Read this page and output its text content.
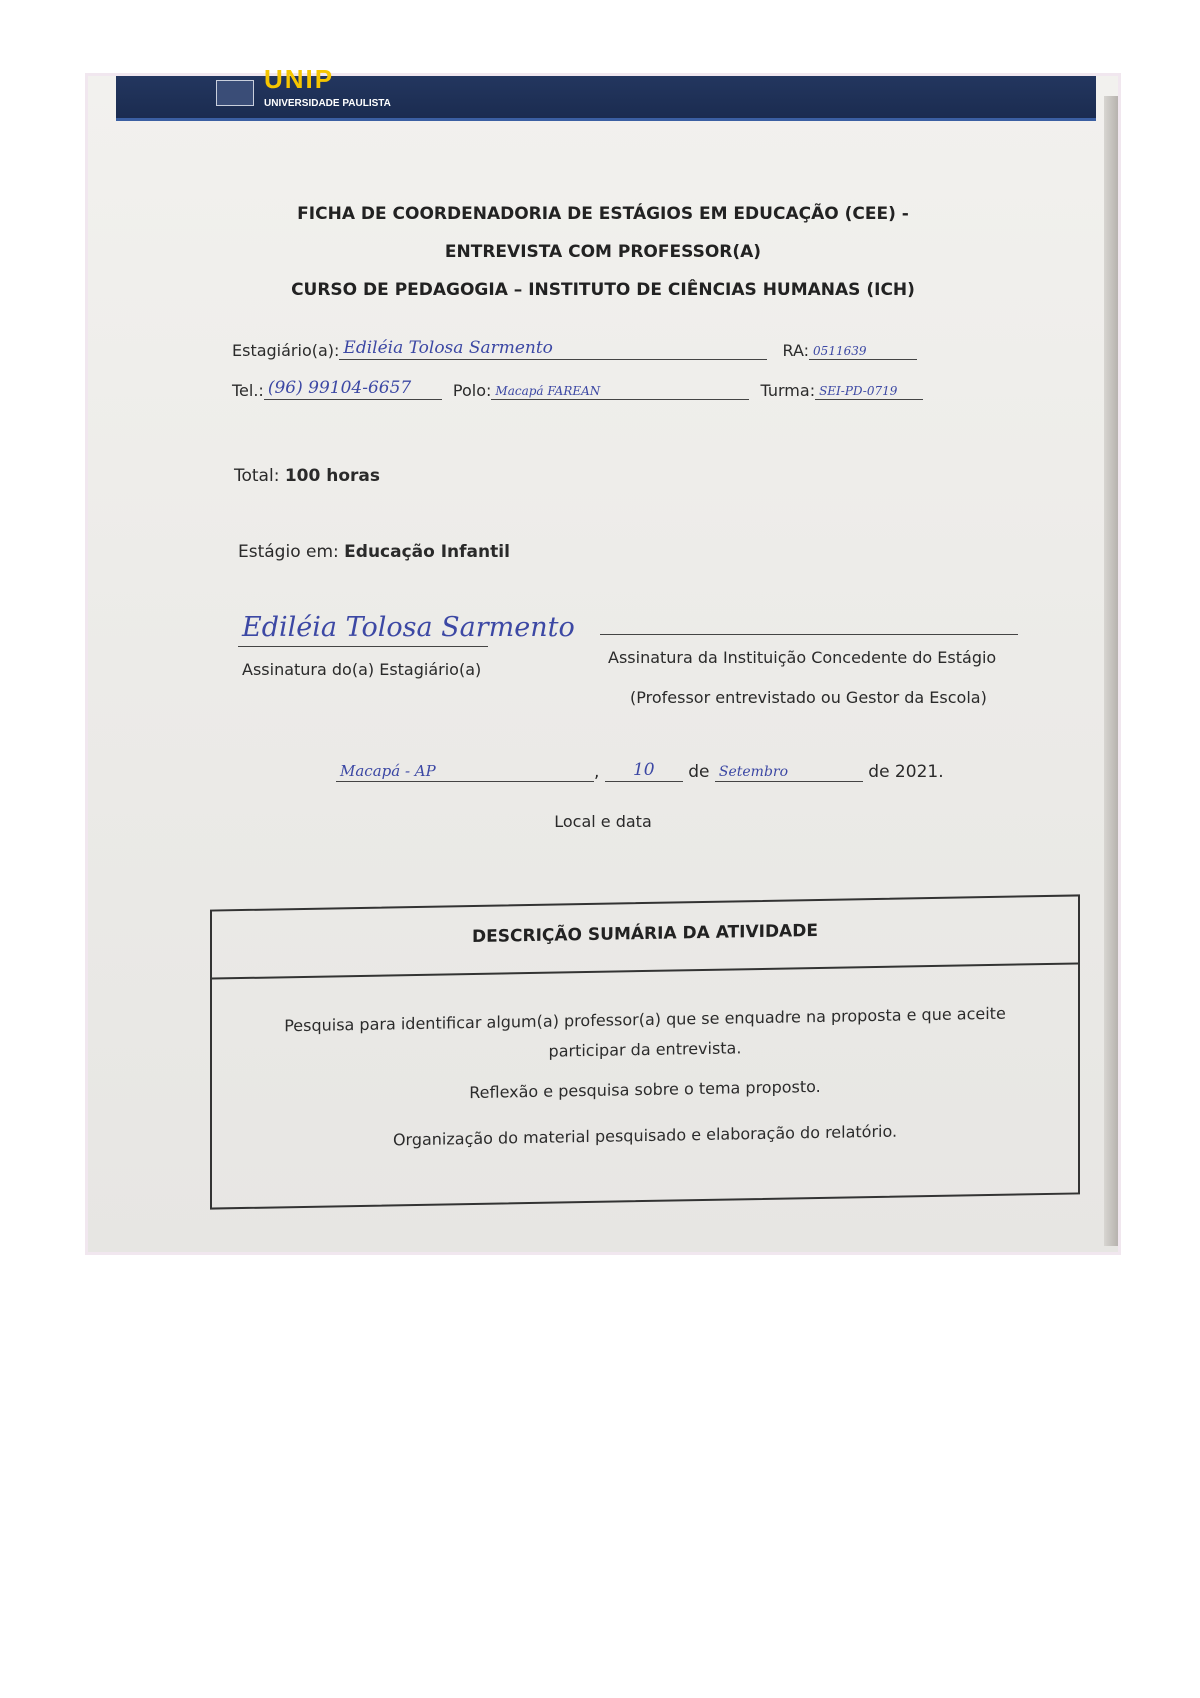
UNIP
UNIVERSIDADE PAULISTA
FICHA DE COORDENADORIA DE ESTÁGIOS EM EDUCAÇÃO (CEE) -
ENTREVISTA COM PROFESSOR(A)
CURSO DE PEDAGOGIA – INSTITUTO DE CIÊNCIAS HUMANAS (ICH)
Estagiário(a): Ediléia Tolosa Sarmento	RA: 0511639
Tel.: (96) 99104-6657	Polo: Macapá FAREAN	Turma: SEI-PD-0719
Total: 100 horas
Estágio em: Educação Infantil
Ediléia Tolosa Sarmento
Assinatura do(a) Estagiário(a)
Assinatura da Instituição Concedente do Estágio
(Professor entrevistado ou Gestor da Escola)
Macapá - AP	, 10 de Setembro	de 2021.
Local e data
DESCRIÇÃO SUMÁRIA DA ATIVIDADE
Pesquisa para identificar algum(a) professor(a) que se enquadre na proposta e que aceite
participar da entrevista.
Reflexão e pesquisa sobre o tema proposto.
Organização do material pesquisado e elaboração do relatório.
